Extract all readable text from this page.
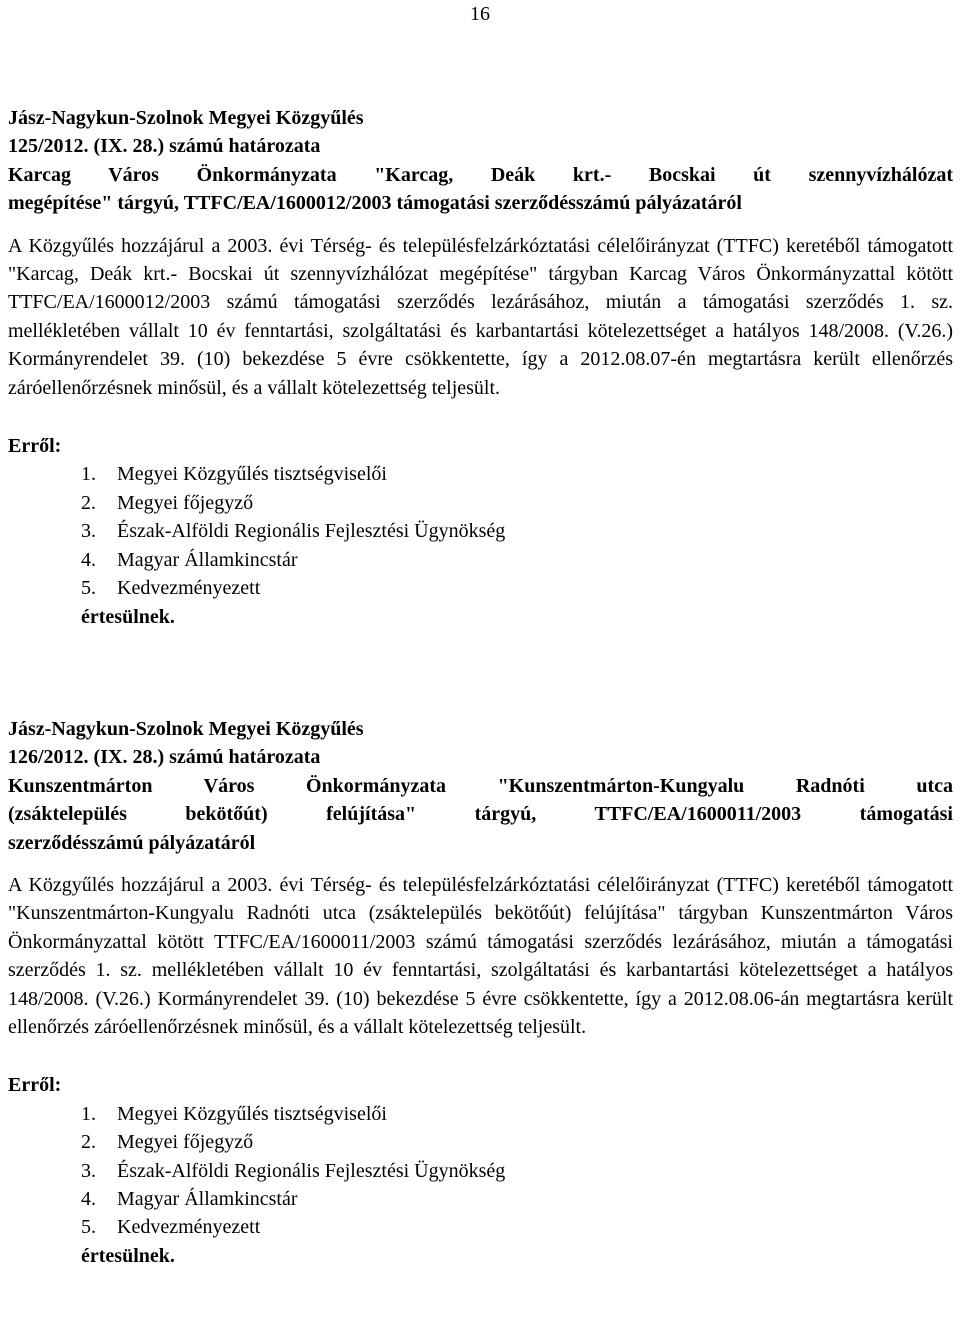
16
Jász-Nagykun-Szolnok Megyei Közgyűlés
125/2012. (IX. 28.) számú határozata
Karcag Város Önkormányzata "Karcag, Deák krt.- Bocskai út szennyvízhálózat
megépítése" tárgyú, TTFC/EA/1600012/2003 támogatási szerződésszámú pályázatáról
A Közgyűlés hozzájárul a 2003. évi Térség- és településfelzárkóztatási célelőirányzat (TTFC) keretéből támogatott "Karcag, Deák krt.- Bocskai út szennyvízhálózat megépítése" tárgyban Karcag Város Önkormányzattal kötött TTFC/EA/1600012/2003 számú támogatási szerződés lezárásához, miután a támogatási szerződés 1. sz. mellékletében vállalt 10 év fenntartási, szolgáltatási és karbantartási kötelezettséget a hatályos 148/2008. (V.26.) Kormányrendelet 39. (10) bekezdése 5 évre csökkentette, így a 2012.08.07-én megtartásra került ellenőrzés záróellenőrzésnek minősül, és a vállalt kötelezettség teljesült.
Erről:
1. Megyei Közgyűlés tisztségviselői
2. Megyei főjegyző
3. Észak-Alföldi Regionális Fejlesztési Ügynökség
4. Magyar Államkincstár
5. Kedvezményezett
értesülnek.
Jász-Nagykun-Szolnok Megyei Közgyűlés
126/2012. (IX. 28.) számú határozata
Kunszentmárton Város Önkormányzata "Kunszentmárton-Kungyalu Radnóti utca
(zsáktelepülés bekötőút) felújítása" tárgyú, TTFC/EA/1600011/2003 támogatási
szerződésszámú pályázatáról
A Közgyűlés hozzájárul a 2003. évi Térség- és településfelzárkóztatási célelőirányzat (TTFC) keretéből támogatott "Kunszentmárton-Kungyalu Radnóti utca (zsáktelepülés bekötőút) felújítása" tárgyban Kunszentmárton Város Önkormányzattal kötött TTFC/EA/1600011/2003 számú támogatási szerződés lezárásához, miután a támogatási szerződés 1. sz. mellékletében vállalt 10 év fenntartási, szolgáltatási és karbantartási kötelezettséget a hatályos 148/2008. (V.26.) Kormányrendelet 39. (10) bekezdése 5 évre csökkentette, így a 2012.08.06-án megtartásra került ellenőrzés záróellenőrzésnek minősül, és a vállalt kötelezettség teljesült.
Erről:
1. Megyei Közgyűlés tisztségviselői
2. Megyei főjegyző
3. Észak-Alföldi Regionális Fejlesztési Ügynökség
4. Magyar Államkincstár
5. Kedvezményezett
értesülnek.
